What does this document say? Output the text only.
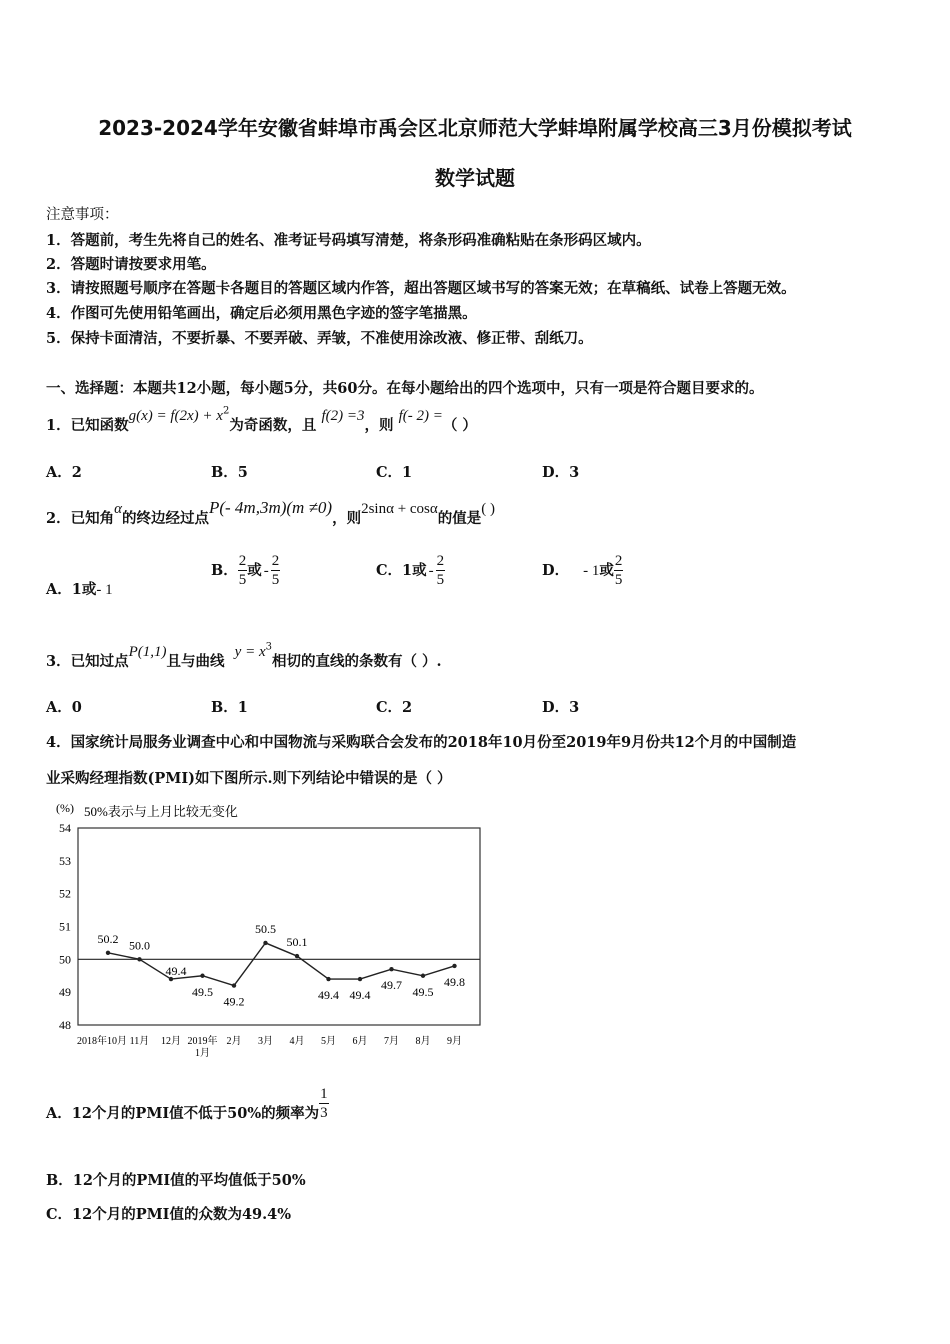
2023-2024学年安徽省蚌埠市禹会区北京师范大学蚌埠附属学校高三3月份模拟考试
数学试题
注意事项：
1．答题前，考生先将自己的姓名、准考证号码填写清楚，将条形码准确粘贴在条形码区域内。
2．答题时请按要求用笔。
3．请按照题号顺序在答题卡各题目的答题区域内作答，超出答题区域书写的答案无效；在草稿纸、试卷上答题无效。
4．作图可先使用铅笔画出，确定后必须用黑色字迹的签字笔描黑。
5．保持卡面清洁，不要折暴、不要弄破、弄皱，不准使用涂改液、修正带、刮纸刀。
一、选择题：本题共12小题，每小题5分，共60分。在每小题给出的四个选项中，只有一项是符合题目要求的。
1．已知函数$g(x) = f(2x) + x^2$为奇函数，且 f(2) =3，则 f(- 2) =（ ）
A．2	B．5	C．1	D．3
2．已知角α的终边经过点P(- 4m,3m)(m ≠0)，则2sinα + cosα的值是( )
A．1或- 1
B． $\frac{2}{5}$ 或 - $\frac{2}{5}$	C．1或 - $\frac{2}{5}$	D． - 1或 $\frac{2}{5}$
3．已知过点P(1,1)且与曲线  $y = x^3$相切的直线的条数有（ ）.
A．0	B．1	C．2	D．3
4．国家统计局服务业调查中心和中国物流与采购联合会发布的2018年10月份至2019年9月份共12个月的中国制造
业采购经理指数(PMI)如下图所示.则下列结论中错误的是（ ）
(%) 50%表示与上月比较无变化
48
49
50
51
52
53
54
2018年10月 11月 12月 2019年
1月
2月 3月 4月 5月 6月 7月 8月 9月
50.2 50.0
49.4
49.5
49.2
50.5
50.1
49.4 49.4
49.7 49.5
49.8
A．12个月的PMI值不低于50%的频率为 $\frac{1}{3}$
B．12个月的PMI值的平均值低于50%
C．12个月的PMI值的众数为49.4%
